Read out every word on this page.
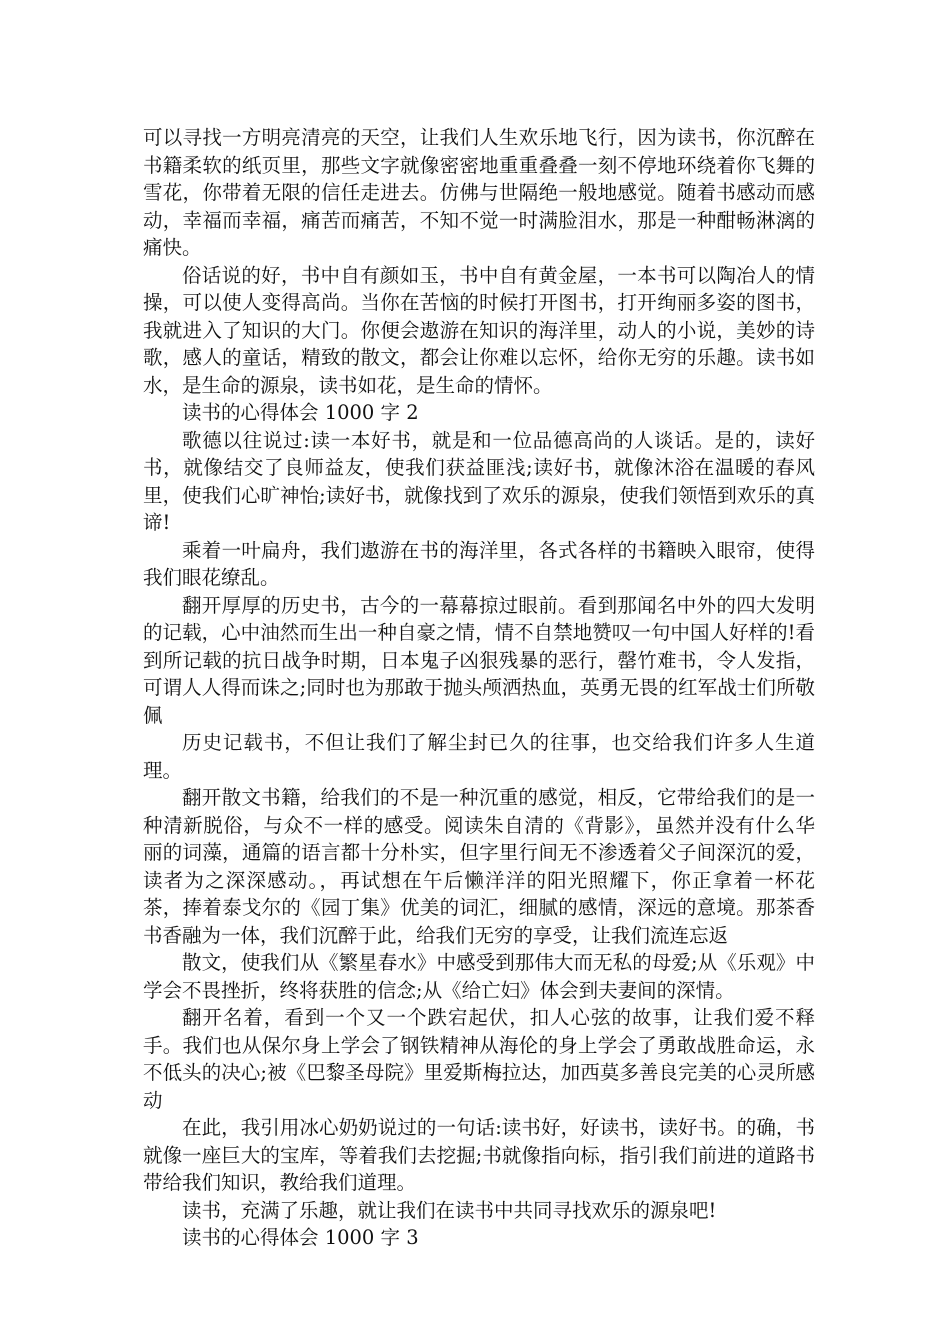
可以寻找一方明亮清亮的天空，让我们人生欢乐地飞行，因为读书，你沉醉在书籍柔软的纸页里，那些文字就像密密地重重叠叠一刻不停地环绕着你飞舞的雪花，你带着无限的信任走进去。仿佛与世隔绝一般地感觉。随着书感动而感动，幸福而幸福，痛苦而痛苦，不知不觉一时满脸泪水，那是一种酣畅淋漓的痛快。

俗话说的好，书中自有颜如玉，书中自有黄金屋，一本书可以陶冶人的情操，可以使人变得高尚。当你在苦恼的时候打开图书，打开绚丽多姿的图书，我就进入了知识的大门。你便会遨游在知识的海洋里，动人的小说，美妙的诗歌，感人的童话，精致的散文，都会让你难以忘怀，给你无穷的乐趣。读书如水，是生命的源泉，读书如花，是生命的情怀。

读书的心得体会 1000 字 2

歌德以往说过:读一本好书，就是和一位品德高尚的人谈话。是的，读好书，就像结交了良师益友，使我们获益匪浅;读好书，就像沐浴在温暖的春风里，使我们心旷神怡;读好书，就像找到了欢乐的源泉，使我们领悟到欢乐的真谛!

乘着一叶扁舟，我们遨游在书的海洋里，各式各样的书籍映入眼帘，使得我们眼花缭乱。

翻开厚厚的历史书，古今的一幕幕掠过眼前。看到那闻名中外的四大发明的记载，心中油然而生出一种自豪之情，情不自禁地赞叹一句中国人好样的!看到所记载的抗日战争时期，日本鬼子凶狠残暴的恶行，罄竹难书，令人发指，可谓人人得而诛之;同时也为那敢于抛头颅洒热血，英勇无畏的红军战士们所敬佩

历史记载书，不但让我们了解尘封已久的往事，也交给我们许多人生道理。

翻开散文书籍，给我们的不是一种沉重的感觉，相反，它带给我们的是一种清新脱俗，与众不一样的感受。阅读朱自清的《背影》，虽然并没有什么华丽的词藻，通篇的语言都十分朴实，但字里行间无不渗透着父子间深沉的爱，读者为之深深感动。，再试想在午后懒洋洋的阳光照耀下，你正拿着一杯花茶，捧着泰戈尔的《园丁集》优美的词汇，细腻的感情，深远的意境。那茶香书香融为一体，我们沉醉于此，给我们无穷的享受，让我们流连忘返

散文，使我们从《繁星春水》中感受到那伟大而无私的母爱;从《乐观》中学会不畏挫折，终将获胜的信念;从《给亡妇》体会到夫妻间的深情。

翻开名着，看到一个又一个跌宕起伏，扣人心弦的故事，让我们爱不释手。我们也从保尔身上学会了钢铁精神从海伦的身上学会了勇敢战胜命运，永不低头的决心;被《巴黎圣母院》里爱斯梅拉达，加西莫多善良完美的心灵所感动

在此，我引用冰心奶奶说过的一句话:读书好，好读书，读好书。的确，书就像一座巨大的宝库，等着我们去挖掘;书就像指向标，指引我们前进的道路书带给我们知识，教给我们道理。

读书，充满了乐趣，就让我们在读书中共同寻找欢乐的源泉吧!

读书的心得体会 1000 字 3
